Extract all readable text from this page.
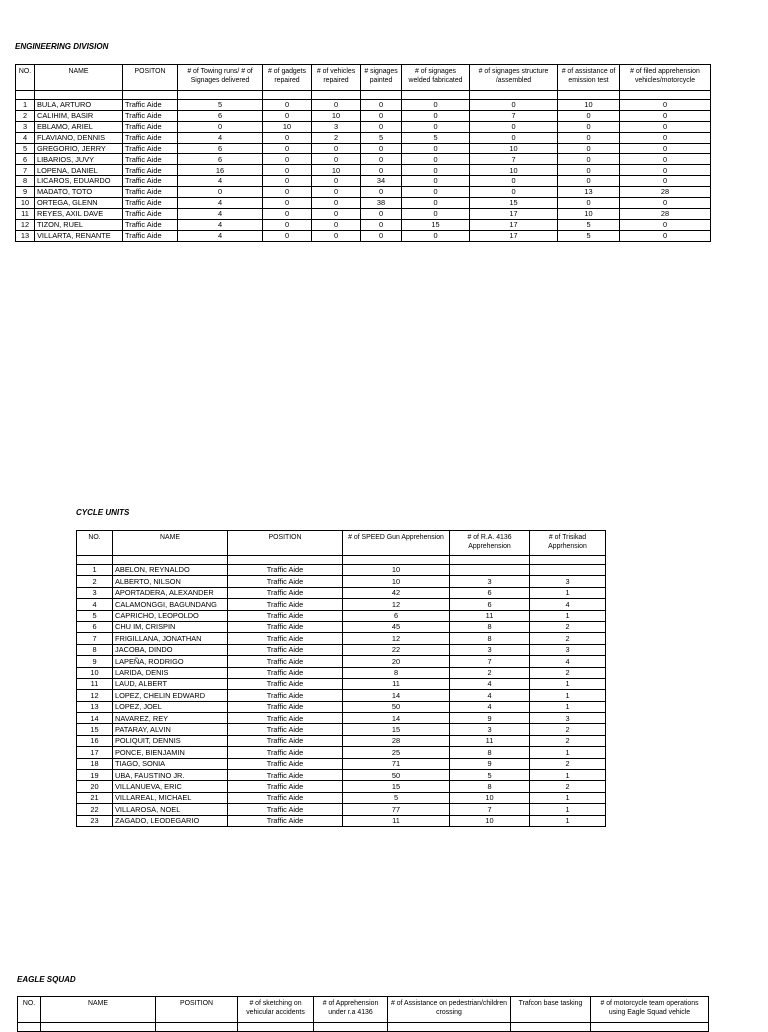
ENGINEERING DIVISION
NO.	NAME	POSITON	# of Towing runs/ # of Signages delivered	# of gadgets repaired	# of vehicles repaired	# signages painted	# of signages welded fabricated	# of signages structure /assembled	# of assistance of emission test	# of filed apprehension vehicles/motorcycle

1	BULA, ARTURO	Traffic Aide	5	0	0	0	0	0	10	0
2	CALIHIM, BASIR	Traffic Aide	6	0	10	0	0	7	0	0
3	EBLAMO, ARIEL	Traffic Aide	0	10	3	0	0	0	0	0
4	FLAVIANO, DENNIS	Traffic Aide	4	0	2	5	5	0	0	0
5	GREGORIO, JERRY	Traffic Aide	6	0	0	0	0	10	0	0
6	LIBARIOS, JUVY	Traffic Aide	6	0	0	0	0	7	0	0
7	LOPENA, DANIEL	Traffic Aide	16	0	10	0	0	10	0	0
8	LICAROS, EDUARDO	Traffic Aide	4	0	0	34	0	0	0	0
9	MADATO, TOTO	Traffic Aide	0	0	0	0	0	0	13	28
10	ORTEGA, GLENN	Traffic Aide	4	0	0	38	0	15	0	0
11	REYES, AXIL DAVE	Traffic Aide	4	0	0	0	0	17	10	28
12	TIZON, RUEL	Traffic Aide	4	0	0	0	15	17	5	0
13	VILLARTA, RENANTE	Traffic Aide	4	0	0	0	0	17	5	0
CYCLE UNITS
NO.	NAME	POSITION	# of SPEED Gun Apprehension	# of R.A. 4136 Apprehension	# of Trisikad Apprhension

1	ABELON, REYNALDO	Traffic Aide	10		
2	ALBERTO, NILSON	Traffic Aide	10	3	3
3	APORTADERA, ALEXANDER	Traffic Aide	42	6	1
4	CALAMONGGI, BAGUNDANG	Traffic Aide	12	6	4
5	CAPRICHO, LEOPOLDO	Traffic Aide	6	11	1
6	CHU IM, CRISPIN	Traffic Aide	45	8	2
7	FRIGILLANA, JONATHAN	Traffic Aide	12	8	2
8	JACOBA, DINDO	Traffic Aide	22	3	3
9	LAPEÑA, RODRIGO	Traffic Aide	20	7	4
10	LARIDA, DENIS	Traffic Aide	8	2	2
11	LAUD, ALBERT	Traffic Aide	11	4	1
12	LOPEZ, CHELIN EDWARD	Traffic Aide	14	4	1
13	LOPEZ, JOEL	Traffic Aide	50	4	1
14	NAVAREZ, REY	Traffic Aide	14	9	3
15	PATARAY, ALVIN	Traffic Aide	15	3	2
16	POLIQUIT, DENNIS	Traffic Aide	28	11	2
17	PONCE, BIENJAMIN	Traffic Aide	25	8	1
18	TIAGO, SONIA	Traffic Aide	71	9	2
19	UBA, FAUSTINO JR.	Traffic Aide	50	5	1
20	VILLANUEVA, ERIC	Traffic Aide	15	8	2
21	VILLAREAL, MICHAEL	Traffic Aide	5	10	1
22	VILLAROSA, NOEL	Traffic Aide	77	7	1
23	ZAGADO, LEODEGARIO	Traffic Aide	11	10	1
EAGLE SQUAD
NO.	NAME	POSITION	# of sketching on vehicular accidents	# of Apprehension under r.a 4136	# of Assistance on pedestrian/children crossing	Trafcon base tasking	# of motorcycle team operations using Eagle Squad vehicle
